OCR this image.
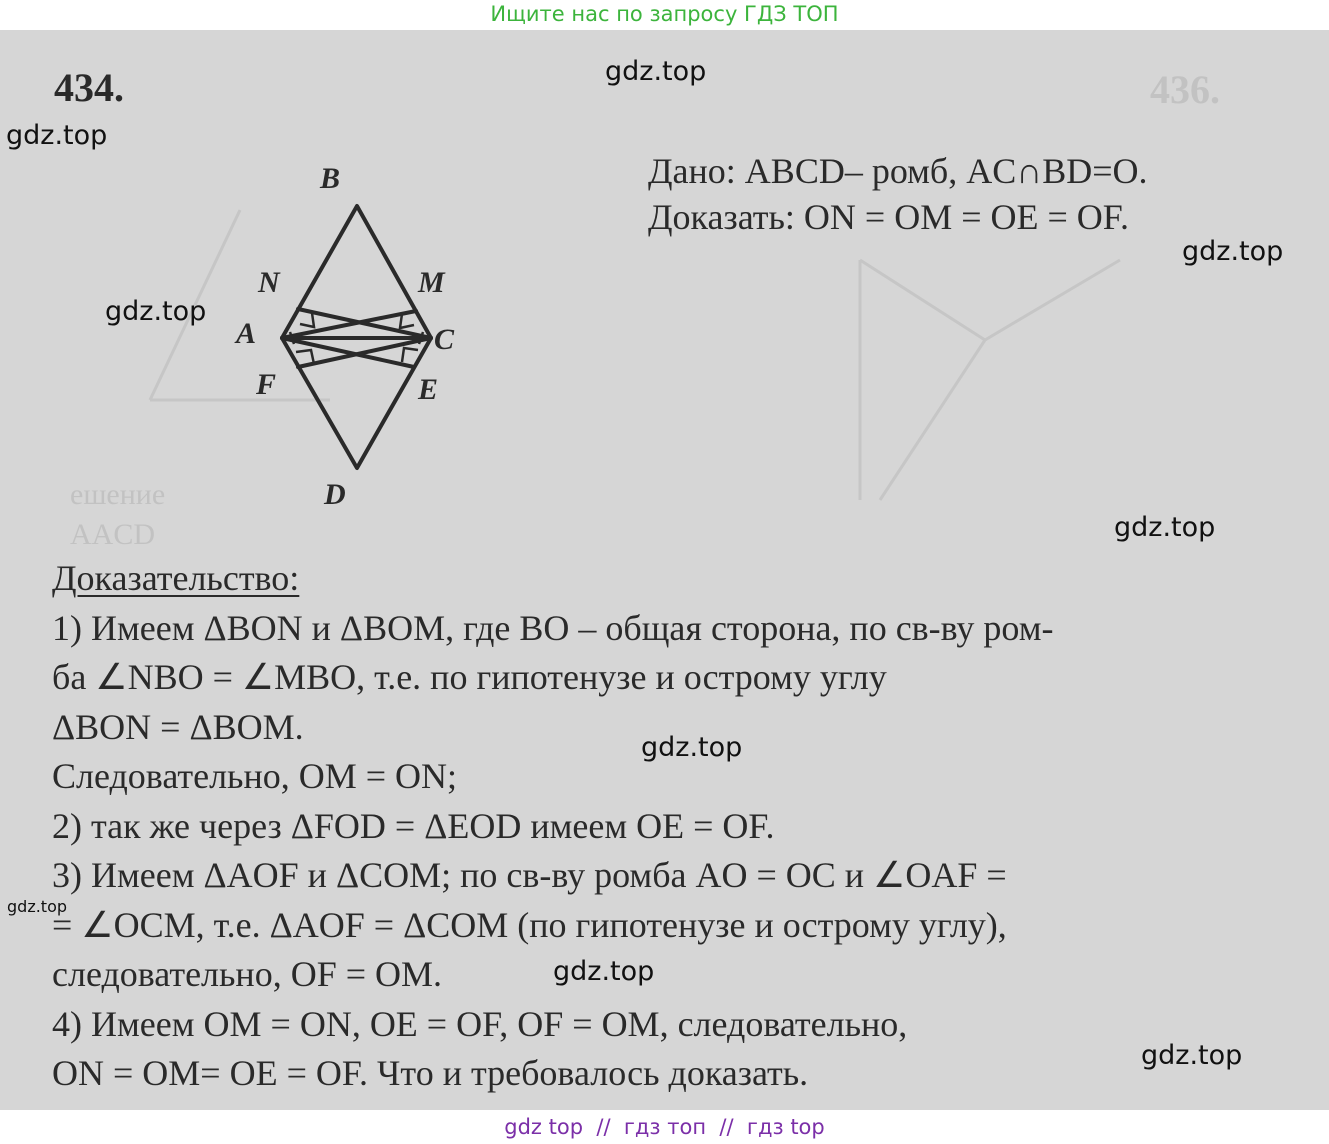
Ищите нас по запросу ГДЗ ТОП
436.
ешение
AACD
434.
Дано: ABCD– ромб, AC∩BD=O.
Доказать: ON = OM = OE = OF.
B
N	M
A	C
F	E
D
Доказательство:
1) Имеем ΔBON и ΔBOM, где BO – общая сторона, по св-ву ром-
ба ∠NBO = ∠MBO, т.е. по гипотенузе и острому углу
ΔBON = ΔBOM.
Следовательно, OM = ON;
2) так же через ΔFOD = ΔEOD имеем OE = OF.
3) Имеем ΔAOF и ΔCOM; по св-ву ромба AO = OC и ∠OAF =
= ∠OCM, т.е. ΔAOF = ΔCOM (по гипотенузе и острому углу),
следовательно, OF = OM.
4) Имеем OM = ON, OE = OF, OF = OM, следовательно,
ON = OM= OE = OF. Что и требовалось доказать.
gdz.top
gdz.top
gdz.top
gdz.top
gdz.top
gdz.top
gdz.top
gdz.top
gdz.top
gdz top  //  гдз топ  //  гдз top
